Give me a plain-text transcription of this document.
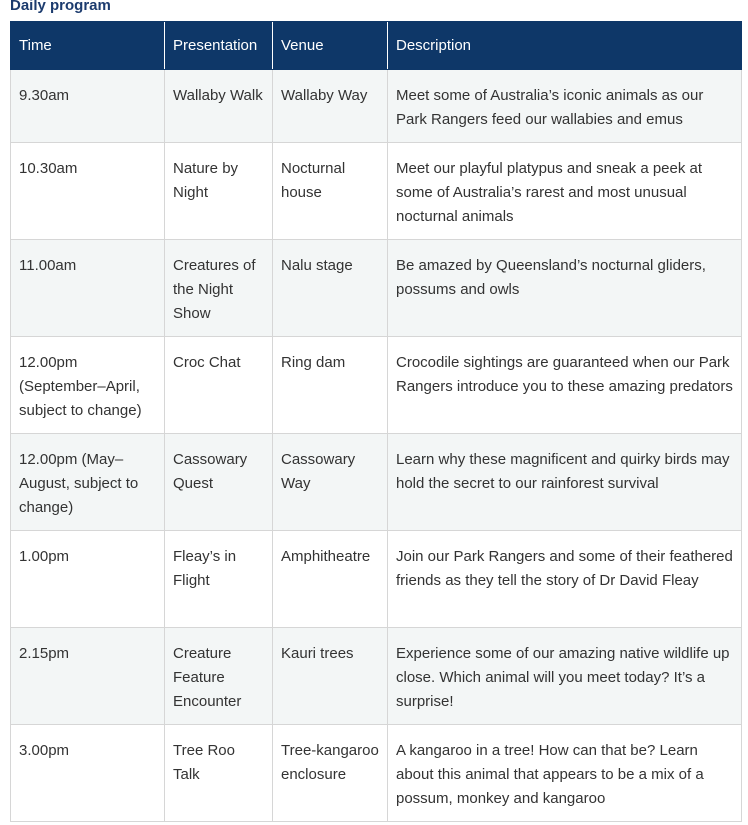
Daily program
Time	Presentation	Venue	Description
9.30am	Wallaby Walk	Wallaby Way	Meet some of Australia’s iconic animals as our Park Rangers feed our wallabies and emus
10.30am	Nature by Night	Nocturnal house	Meet our playful platypus and sneak a peek at some of Australia’s rarest and most unusual nocturnal animals
11.00am	Creatures of the Night Show	Nalu stage	Be amazed by Queensland’s nocturnal gliders, possums and owls
12.00pm (September–April, subject to change)	Croc Chat	Ring dam	Crocodile sightings are guaranteed when our Park Rangers introduce you to these amazing predators
12.00pm (May–August, subject to change)	Cassowary Quest	Cassowary Way	Learn why these magnificent and quirky birds may hold the secret to our rainforest survival
1.00pm	Fleay’s in Flight	Amphitheatre	Join our Park Rangers and some of their feathered friends as they tell the story of Dr David Fleay
2.15pm	Creature Feature Encounter	Kauri trees	Experience some of our amazing native wildlife up close. Which animal will you meet today? It’s a surprise!
3.00pm	Tree Roo Talk	Tree-kangaroo enclosure	A kangaroo in a tree! How can that be? Learn about this animal that appears to be a mix of a possum, monkey and kangaroo
